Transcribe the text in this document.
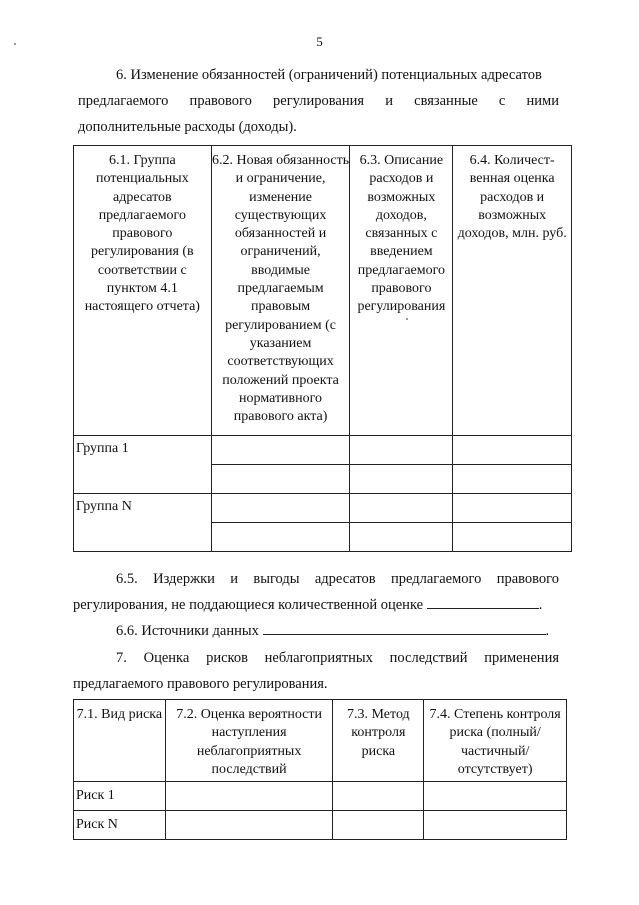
5
6. Изменение обязанностей (ограничений) потенциальных адресатов
предлагаемого правового регулирования и связанные с ними
дополнительные расходы (доходы).
6.1. Группа потенциальных адресатов предлагаемого правового регулирования (в соответствии с пунктом 4.1 настоящего отчета)	6.2. Новая обязанность и ограничение, изменение существующих обязанностей и ограничений, вводимые предлагаемым правовым регулированием (с указанием соответствующих положений проекта нормативного правового акта)	6.3. Описание расходов и возможных доходов, связанных с введением предлагаемого правового регулирования	6.4. Количест-венная оценка расходов и возможных доходов, млн. руб.
Группа 1			

Группа N			

6.5. Издержки и выгоды адресатов предлагаемого правового
регулирования, не поддающиеся количественной оценке	.
6.6. Источники данных	.
7. Оценка рисков неблагоприятных последствий применения
предлагаемого правового регулирования.
7.1. Вид риска	7.2. Оценка вероятности наступления неблагоприятных последствий	7.3. Метод контроля риска	7.4. Степень контроля риска (полный/частичный/ отсутствует)
Риск 1			
Риск N			
